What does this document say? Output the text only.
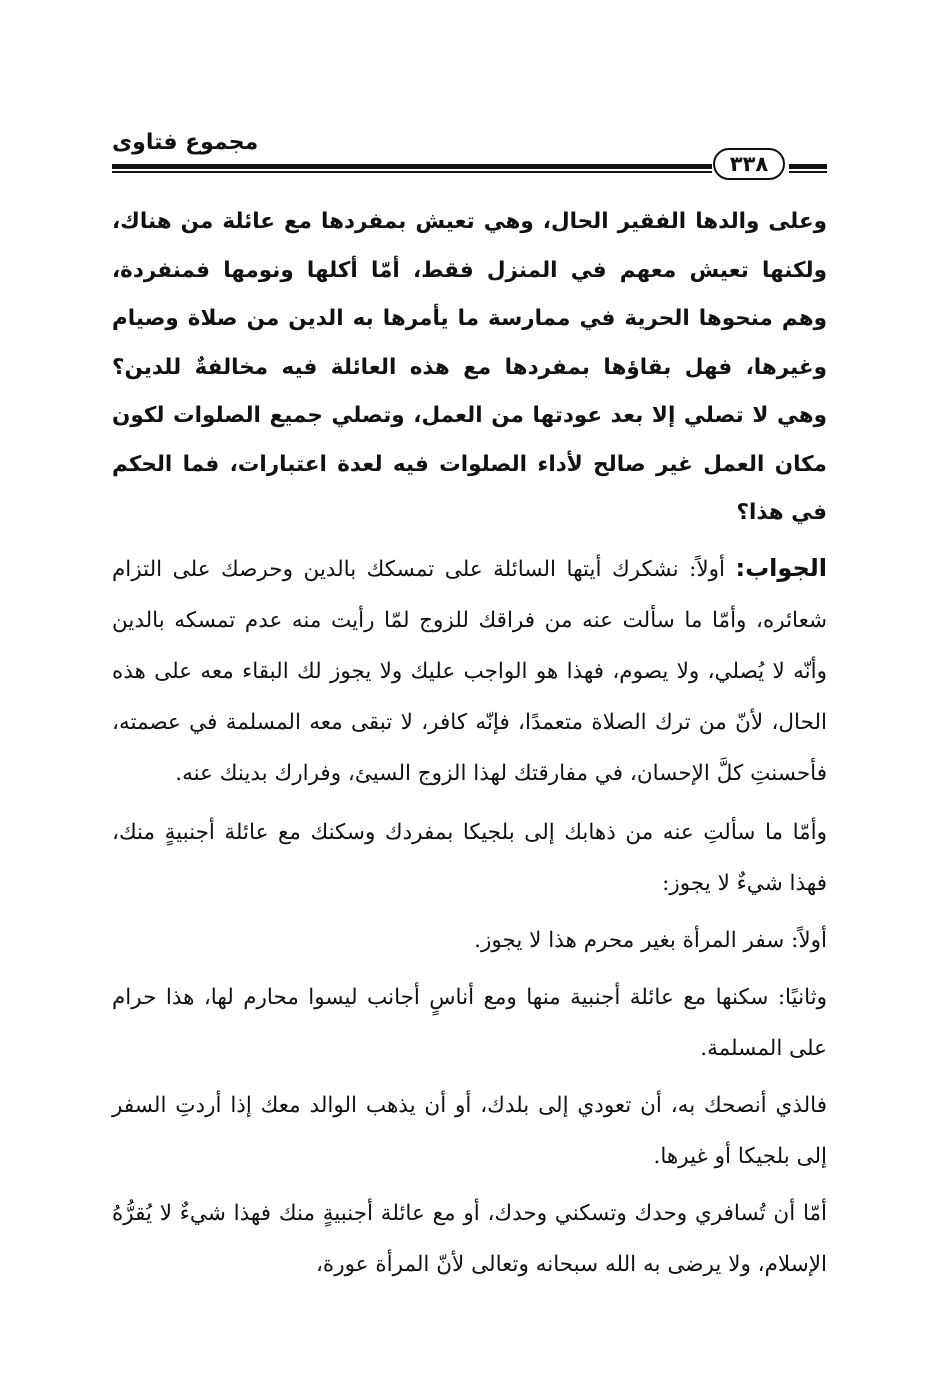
مجموع فتاوى
٣٣٨

وعلى والدها الفقير الحال، وهي تعيش بمفردها مع عائلة من هناك، ولكنها تعيش معهم في المنزل فقط، أمّا أكلها ونومها فمنفردة، وهم منحوها الحرية في ممارسة ما يأمرها به الدين من صلاة وصيام وغيرها، فهل بقاؤها بمفردها مع هذه العائلة فيه مخالفةٌ للدين؟ وهي لا تصلي إلا بعد عودتها من العمل، وتصلي جميع الصلوات لكون مكان العمل غير صالح لأداء الصلوات فيه لعدة اعتبارات، فما الحكم في هذا؟

الجواب: أولاً: نشكرك أيتها السائلة على تمسكك بالدين وحرصك على التزام شعائره، وأمّا ما سألت عنه من فراقك للزوج لمّا رأيت منه عدم تمسكه بالدين وأنّه لا يُصلي، ولا يصوم، فهذا هو الواجب عليك ولا يجوز لك البقاء معه على هذه الحال، لأنّ من ترك الصلاة متعمدًا، فإنّه كافر، لا تبقى معه المسلمة في عصمته، فأحسنتِ كلَّ الإحسان، في مفارقتك لهذا الزوج السيئ، وفرارك بدينك عنه.

وأمّا ما سألتِ عنه من ذهابك إلى بلجيكا بمفردك وسكنك مع عائلة أجنبيةٍ منك، فهذا شيءٌ لا يجوز:

أولاً: سفر المرأة بغير محرم هذا لا يجوز.

وثانيًا: سكنها مع عائلة أجنبية منها ومع أناسٍ أجانب ليسوا محارم لها، هذا حرام على المسلمة.

فالذي أنصحك به، أن تعودي إلى بلدك، أو أن يذهب الوالد معك إذا أردتِ السفر إلى بلجيكا أو غيرها.

أمّا أن تُسافري وحدك وتسكني وحدك، أو مع عائلة أجنبيةٍ منك فهذا شيءٌ لا يُقرُّهُ الإسلام، ولا يرضى به الله سبحانه وتعالى لأنّ المرأة عورة،
